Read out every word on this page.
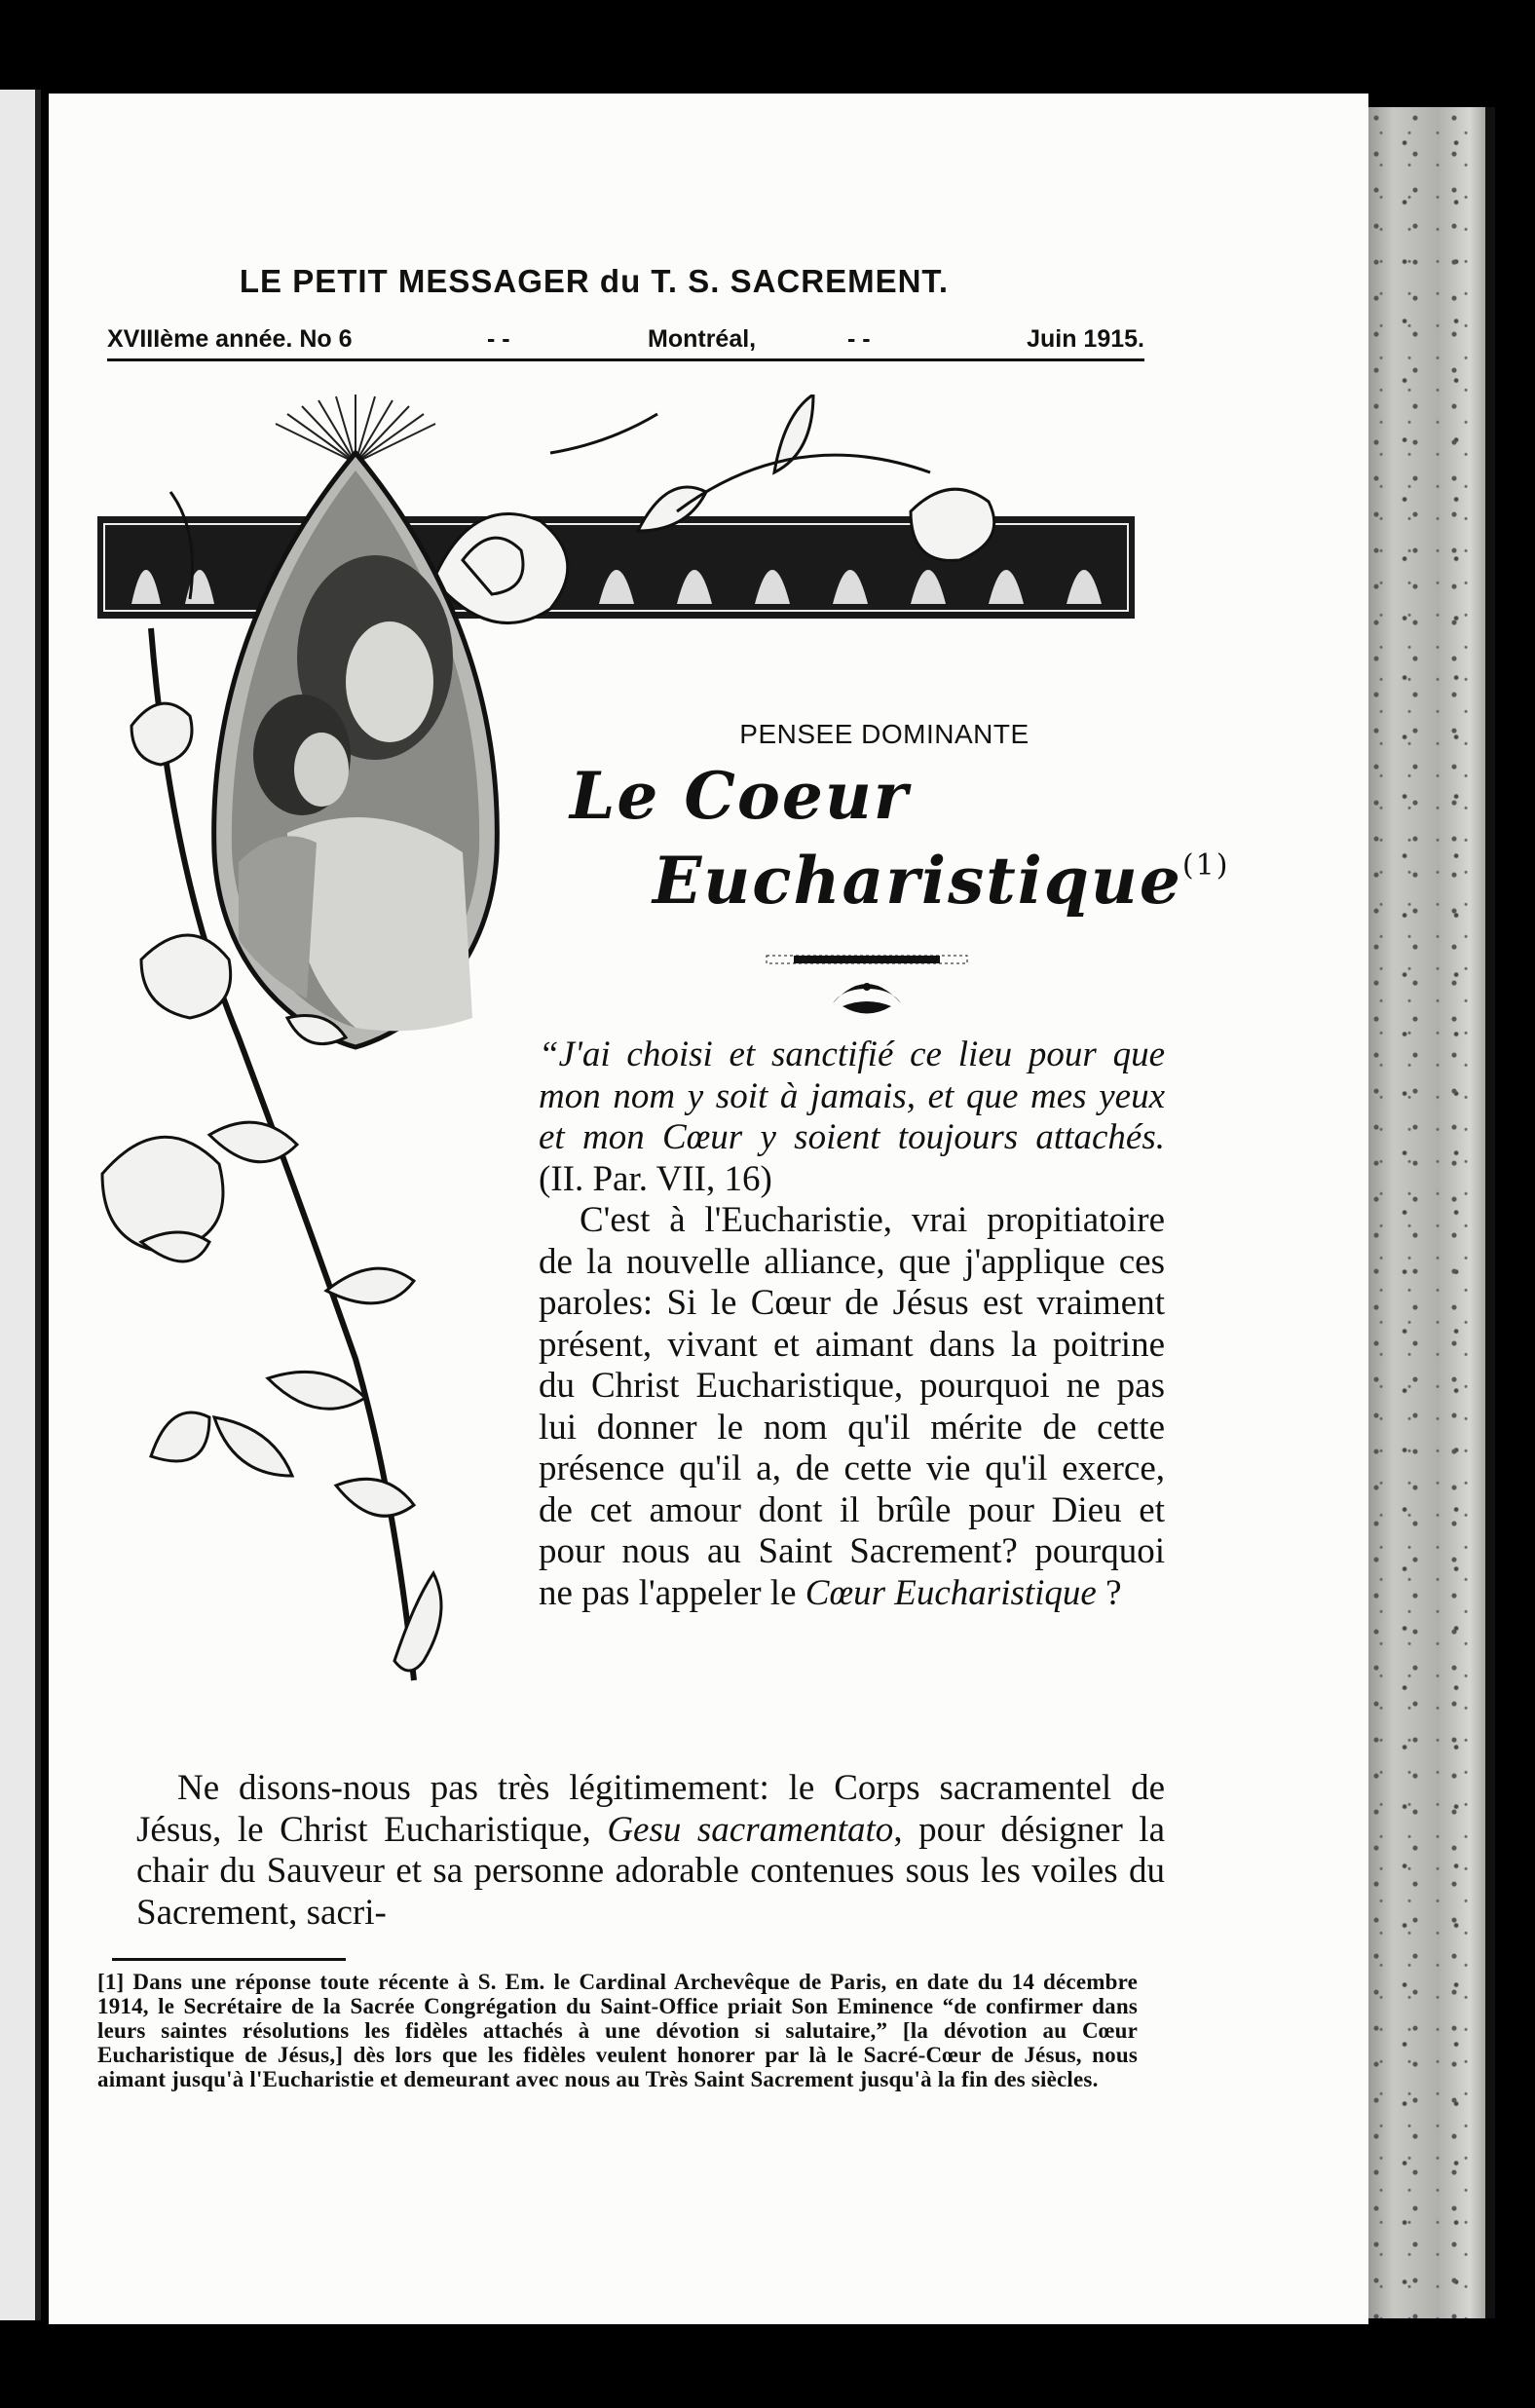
LE PETIT MESSAGER du T. S. SACREMENT.
XVIIIème année. No 6	- -	Montréal,	- -	Juin 1915.
PENSEE DOMINANTE
Le Coeur
Eucharistique$^{(1)}$

“J'ai choisi et sanctifié ce lieu pour que mon nom y soit à jamais, et que mes yeux et mon Cœur y soient toujours attachés. (II. Par. VII, 16)

C'est à l'Eucharistie, vrai propitiatoire de la nouvelle alliance, que j'applique ces paroles: Si le Cœur de Jésus est vraiment présent, vivant et aimant dans la poitrine du Christ Eucharistique, pourquoi ne pas lui donner le nom qu'il mérite de cette présence qu'il a, de cette vie qu'il exerce, de cet amour dont il brûle pour Dieu et pour nous au Saint Sacrement? pourquoi ne pas l'appeler le Cœur Eucharistique ?

Ne disons-nous pas très légitimement: le Corps sacramentel de Jésus, le Christ Eucharistique, Gesu sacramentato, pour désigner la chair du Sauveur et sa personne adorable contenues sous les voiles du Sacrement, sacri-
[1] Dans une réponse toute récente à S. Em. le Cardinal Archevêque de Paris, en date du 14 décembre 1914, le Secrétaire de la Sacrée Congrégation du Saint-Office priait Son Eminence “de confirmer dans leurs saintes résolutions les fidèles attachés à une dévotion si salutaire,” [la dévotion au Cœur Eucharistique de Jésus,] dès lors que les fidèles veulent honorer par là le Sacré-Cœur de Jésus, nous aimant jusqu'à l'Eucharistie et demeurant avec nous au Très Saint Sacrement jusqu'à la fin des siècles.
